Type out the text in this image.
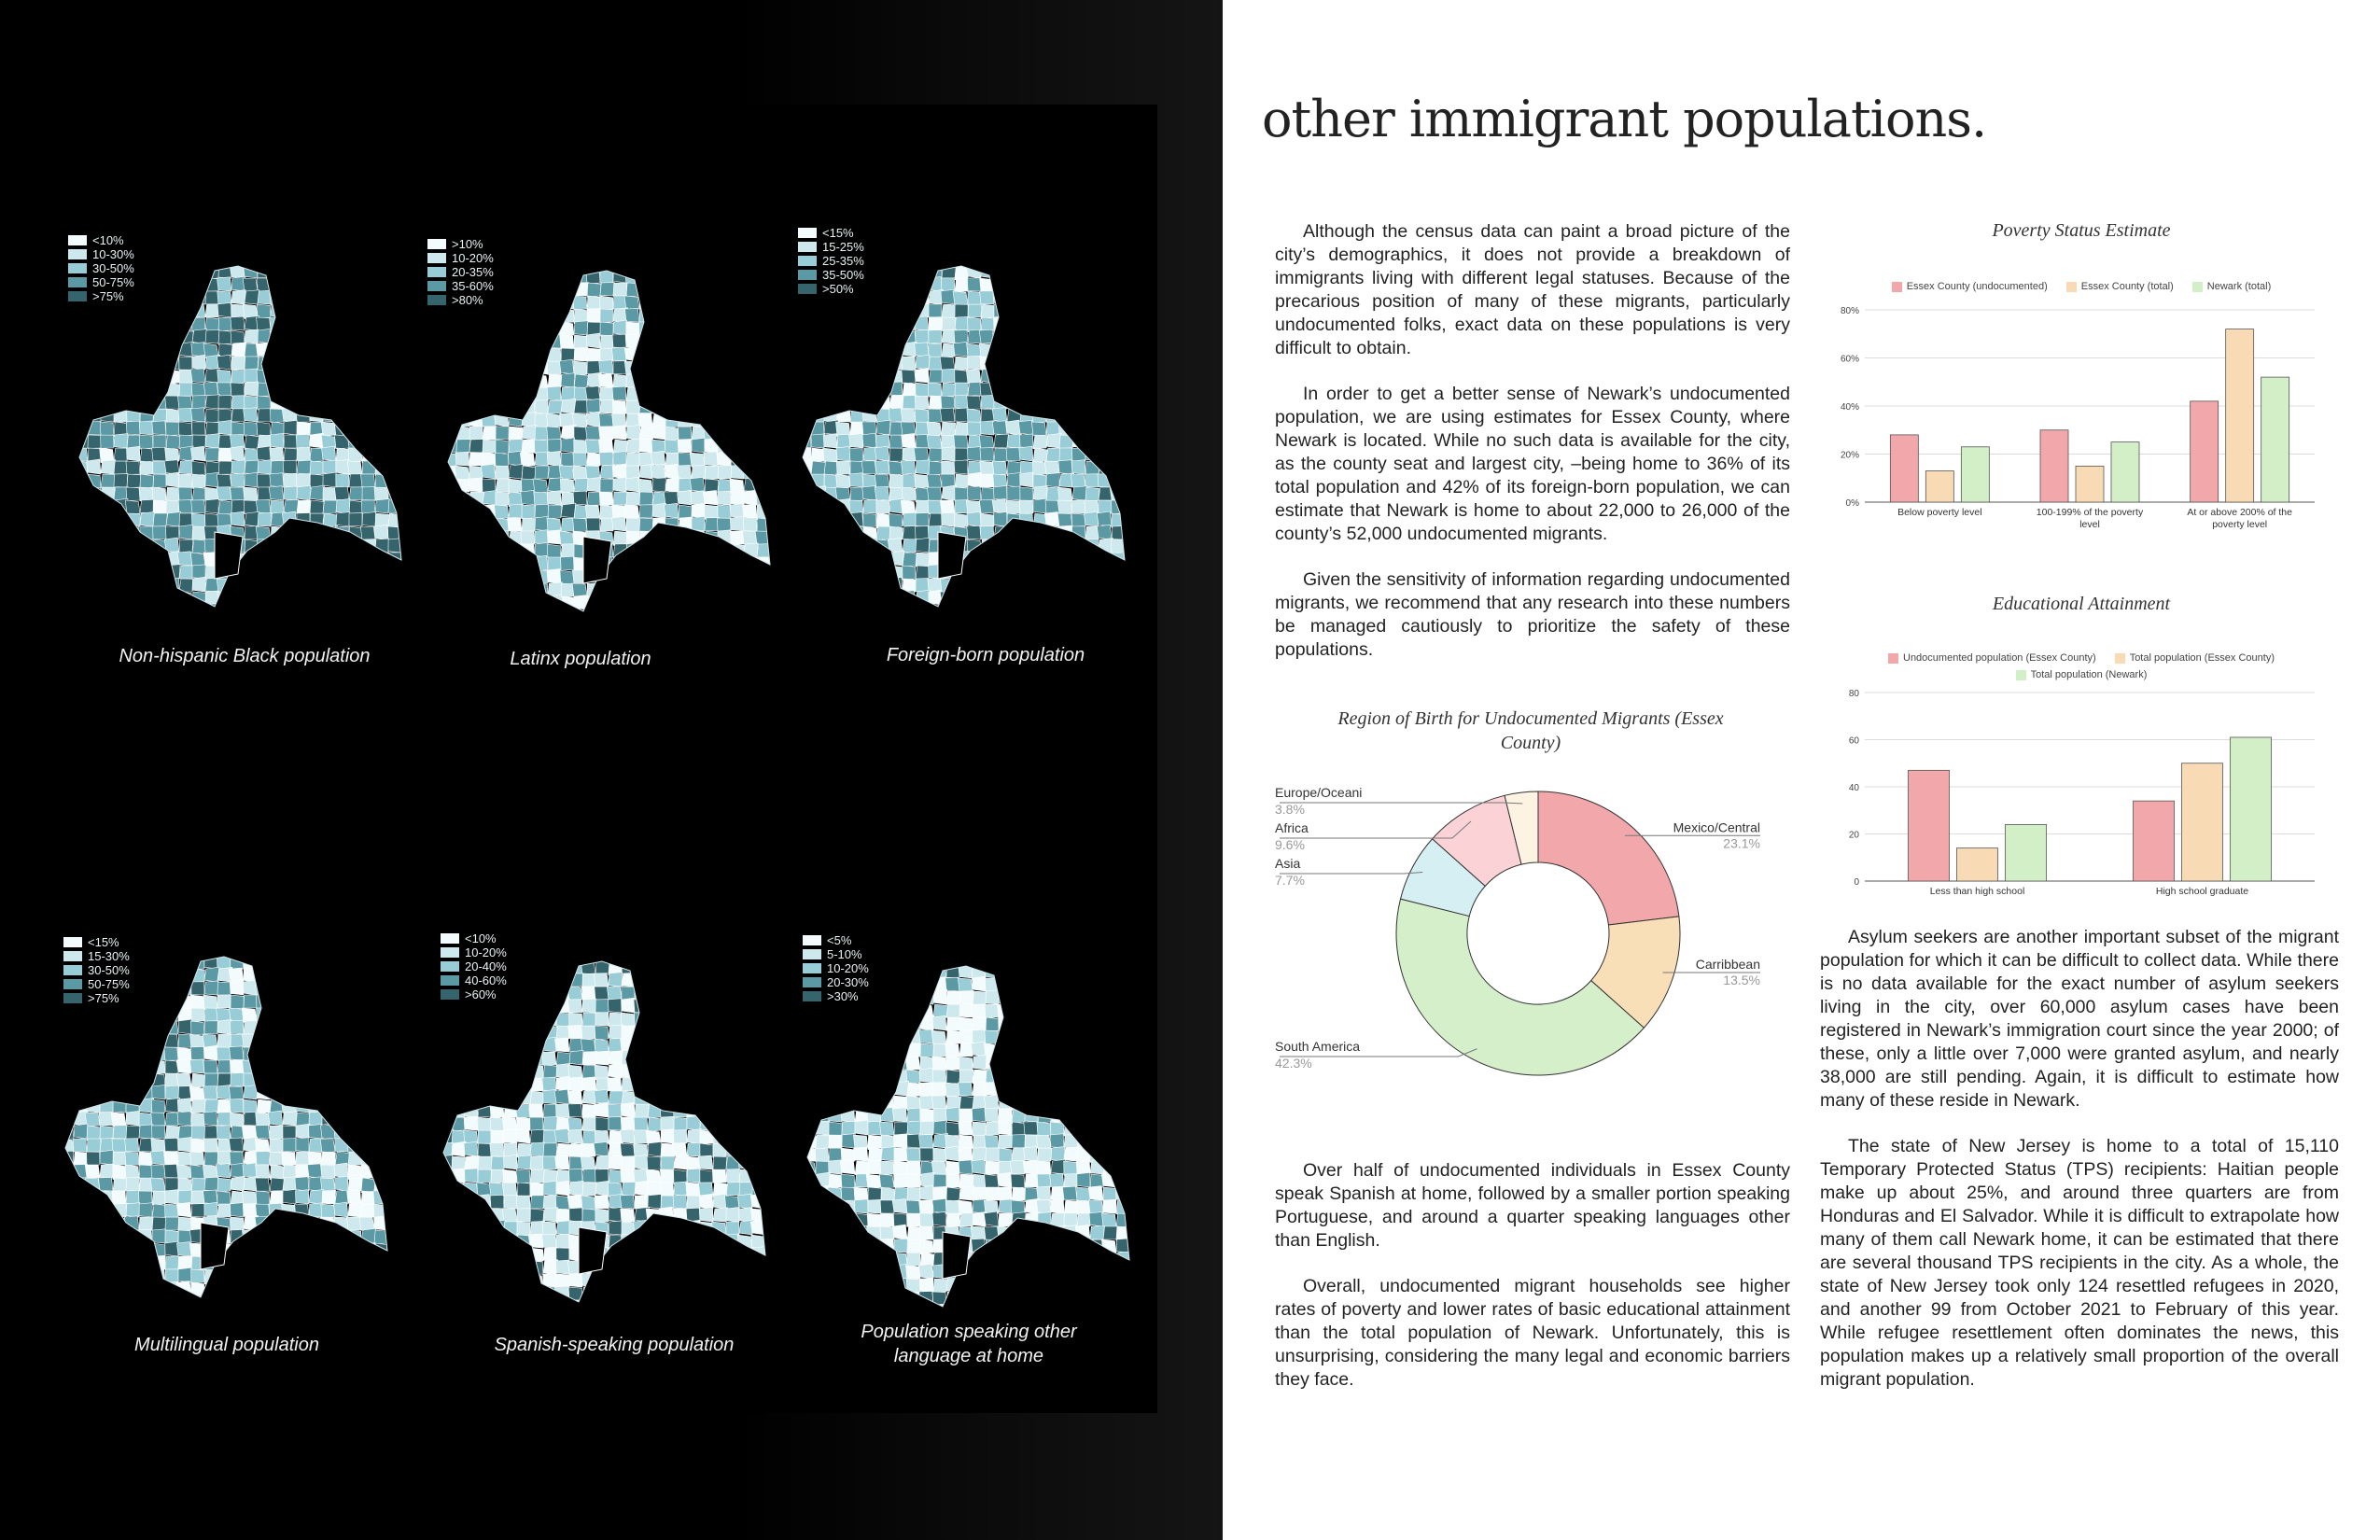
<10%
10-30%
30-50%
50-75%
>75%
Non-hispanic Black population
>10%
10-20%
20-35%
35-60%
>80%
Latinx population
<15%
15-25%
25-35%
35-50%
>50%
Foreign-born population
<15%
15-30%
30-50%
50-75%
>75%
Multilingual population
<10%
10-20%
20-40%
40-60%
>60%
Spanish-speaking population
<5%
5-10%
10-20%
20-30%
>30%
Population speaking other language at home
other immigrant populations.

Although the census data can paint a broad picture of the city’s demographics, it does not provide a breakdown of immigrants living with different legal statuses. Because of the precarious position of many of these migrants, particularly undocumented folks, exact data on these populations is very difficult to obtain.

In order to get a better sense of Newark’s undocumented population, we are using estimates for Essex County, where Newark is located. While no such data is available for the city, as the county seat and largest city, –being home to 36% of its total population and 42% of its foreign-born population, we can estimate that Newark is home to about 22,000 to 26,000 of the county’s 52,000 undocumented migrants.

Given the sensitivity of information regarding undocumented migrants, we recommend that any research into these numbers be managed cautiously to prioritize the safety of these populations.

Region of Birth for Undocumented Migrants (Essex County)
Mexico/Central
23.1%
Carribbean
13.5%
South America
42.3%
Asia
7.7%
Africa
9.6%
Europe/Oceani
3.8%

Over half of undocumented individuals in Essex County speak Spanish at home, followed by a smaller portion speaking Portuguese, and around a quarter speaking languages other than English.

Overall, undocumented migrant households see higher rates of poverty and lower rates of basic educational attainment than the total population of Newark. Unfortunately, this is unsurprising, considering the many legal and economic barriers they face.

Poverty Status Estimate
Essex County (undocumented)	Essex County (total)	Newark (total)
0%
20%
40%
60%
80%
Below poverty level	100-199% of the poverty
level
At or above 200% of the
poverty level
Educational Attainment
Undocumented population (Essex County)	Total population (Essex County)
Total population (Newark)
0
20
40
60
80
Less than high school	High school graduate

Asylum seekers are another important subset of the migrant population for which it can be difficult to collect data. While there is no data available for the exact number of asylum seekers living in the city, over 60,000 asylum cases have been registered in Newark’s immigration court since the year 2000; of these, only a little over 7,000 were granted asylum, and nearly 38,000 are still pending. Again, it is difficult to estimate how many of these reside in Newark.

The state of New Jersey is home to a total of 15,110 Temporary Protected Status (TPS) recipients: Haitian people make up about 25%, and around three quarters are from Honduras and El Salvador. While it is difficult to extrapolate how many of them call Newark home, it can be estimated that there are several thousand TPS recipients in the city. As a whole, the state of New Jersey took only 124 resettled refugees in 2020, and another 99 from October 2021 to February of this year. While refugee resettlement often dominates the news, this population makes up a relatively small proportion of the overall migrant population.
